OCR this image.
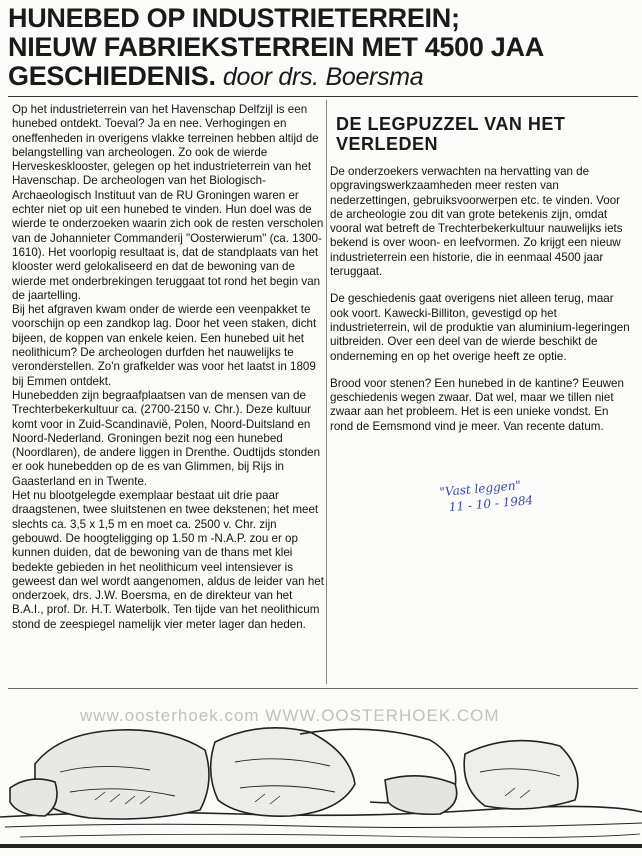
HUNEBED OP INDUSTRIETERREIN;
NIEUW FABRIEKSTERREIN MET 4500 JAA
GESCHIEDENIS. door drs. Boersma

Op het industrieterrein van het Havenschap Delfzijl is een hunebed ontdekt. Toeval? Ja en nee. Verhogingen en oneffenheden in overigens vlakke terreinen hebben altijd de belangstelling van archeologen. Zo ook de wierde Herveskesklooster, gelegen op het industrieterrein van het Havenschap. De archeologen van het Biologisch-Archaeologisch Instituut van de RU Groningen waren er echter niet op uit een hunebed te vinden. Hun doel was de wierde te onderzoeken waarin zich ook de resten verscholen van de Johannieter Commanderij "Oosterwierum" (ca. 1300-1610). Het voorlopig resultaat is, dat de standplaats van het klooster werd gelokaliseerd en dat de bewoning van de wierde met onderbrekingen teruggaat tot rond het begin van de jaartelling.

Bij het afgraven kwam onder de wierde een veenpakket te voorschijn op een zandkop lag. Door het veen staken, dicht bijeen, de koppen van enkele keien. Een hunebed uit het neolithicum? De archeologen durfden het nauwelijks te veronderstellen. Zo'n grafkelder was voor het laatst in 1809 bij Emmen ontdekt.

Hunebedden zijn begraafplaatsen van de mensen van de Trechterbekerkultuur ca. (2700-2150 v. Chr.). Deze kultuur komt voor in Zuid-Scandinavië, Polen, Noord-Duitsland en Noord-Nederland. Groningen bezit nog een hunebed (Noordlaren), de andere liggen in Drenthe. Oudtijds stonden er ook hunebedden op de es van Glimmen, bij Rijs in Gaasterland en in Twente.

Het nu blootgelegde exemplaar bestaat uit drie paar draagstenen, twee sluitstenen en twee dekstenen; het meet slechts ca. 3,5 x 1,5 m en moet ca. 2500 v. Chr. zijn gebouwd. De hoogteligging op 1.50 m -N.A.P. zou er op kunnen duiden, dat de bewoning van de thans met klei bedekte gebieden in het neolithicum veel intensiever is geweest dan wel wordt aangenomen, aldus de leider van het onderzoek, drs. J.W. Boersma, en de direkteur van het B.A.I., prof. Dr. H.T. Waterbolk. Ten tijde van het neolithicum stond de zeespiegel namelijk vier meter lager dan heden.

DE LEGPUZZEL VAN HET VERLEDEN

De onderzoekers verwachten na hervatting van de opgravingswerkzaamheden meer resten van nederzettingen, gebruiksvoorwerpen etc. te vinden. Voor de archeologie zou dit van grote betekenis zijn, omdat vooral wat betreft de Trechterbekerkultuur nauwelijks iets bekend is over woon- en leefvormen. Zo krijgt een nieuw industrieterrein een historie, die in eenmaal 4500 jaar teruggaat.

De geschiedenis gaat overigens niet alleen terug, maar ook voort. Kawecki-Billiton, gevestigd op het industrieterrein, wil de produktie van aluminium-legeringen uitbreiden. Over een deel van de wierde beschikt de onderneming en op het overige heeft ze optie.

Brood voor stenen? Een hunebed in de kantine? Eeuwen geschiedenis wegen zwaar. Dat wel, maar we tillen niet zwaar aan het probleem. Het is een unieke vondst. En rond de Eemsmond vind je meer. Van recente datum.

"Vast leggen"
11 - 10 - 1984
www.oosterhoek.com WWW.OOSTERHOEK.COM
